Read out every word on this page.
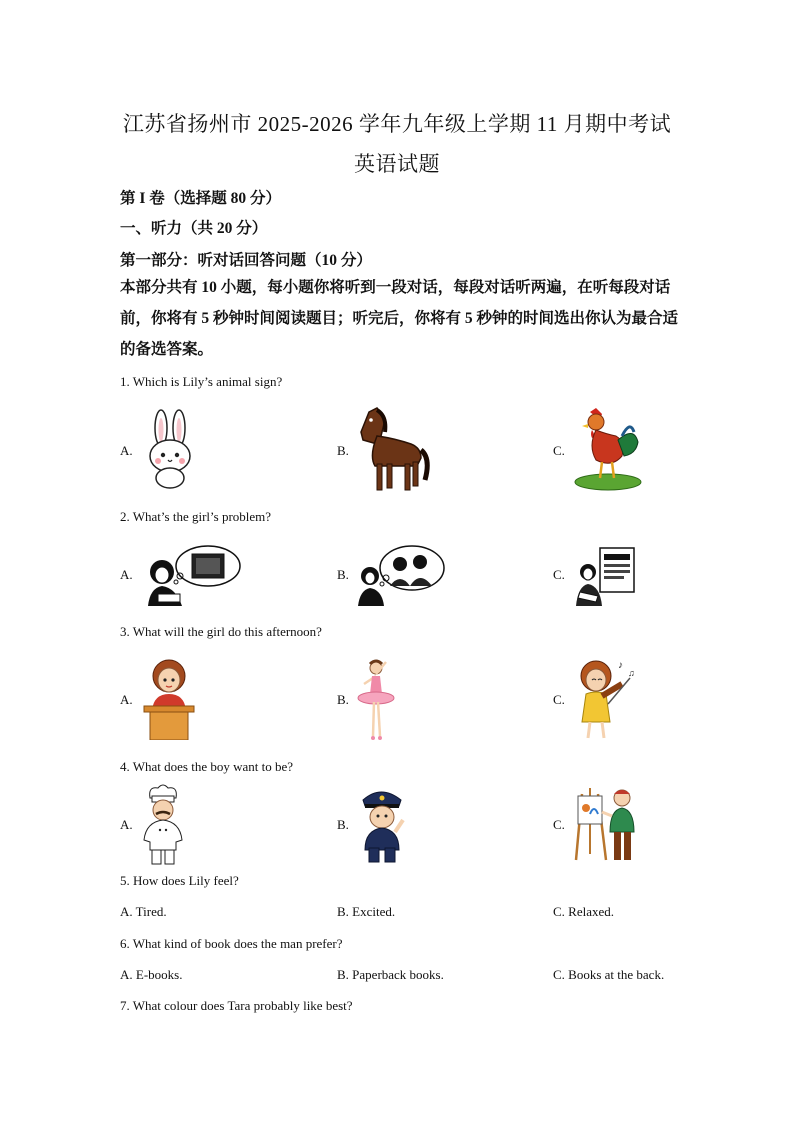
江苏省扬州市 2025-2026 学年九年级上学期 11 月期中考试
英语试题
第 I 卷（选择题 80 分）
一、听力（共 20 分）
第一部分：听对话回答问题（10 分）
本部分共有 10 小题，每小题你将听到一段对话，每段对话听两遍，在听每段对话前，你将有 5 秒钟时间阅读题目；听完后，你将有 5 秒钟的时间选出你认为最合适的备选答案。
1. Which is Lily’s animal sign?
A.	B.	C.
2. What’s the girl’s problem?
A.	B.	C.
3. What will the girl do this afternoon?
A.	B.	C.
♪
♫
4. What does the boy want to be?
A.	B.	C.
5. How does Lily feel?
A. Tired.	B. Excited.	C. Relaxed.
6. What kind of book does the man prefer?
A. E-books.	B. Paperback books.	C. Books at the back.
7. What colour does Tara probably like best?
